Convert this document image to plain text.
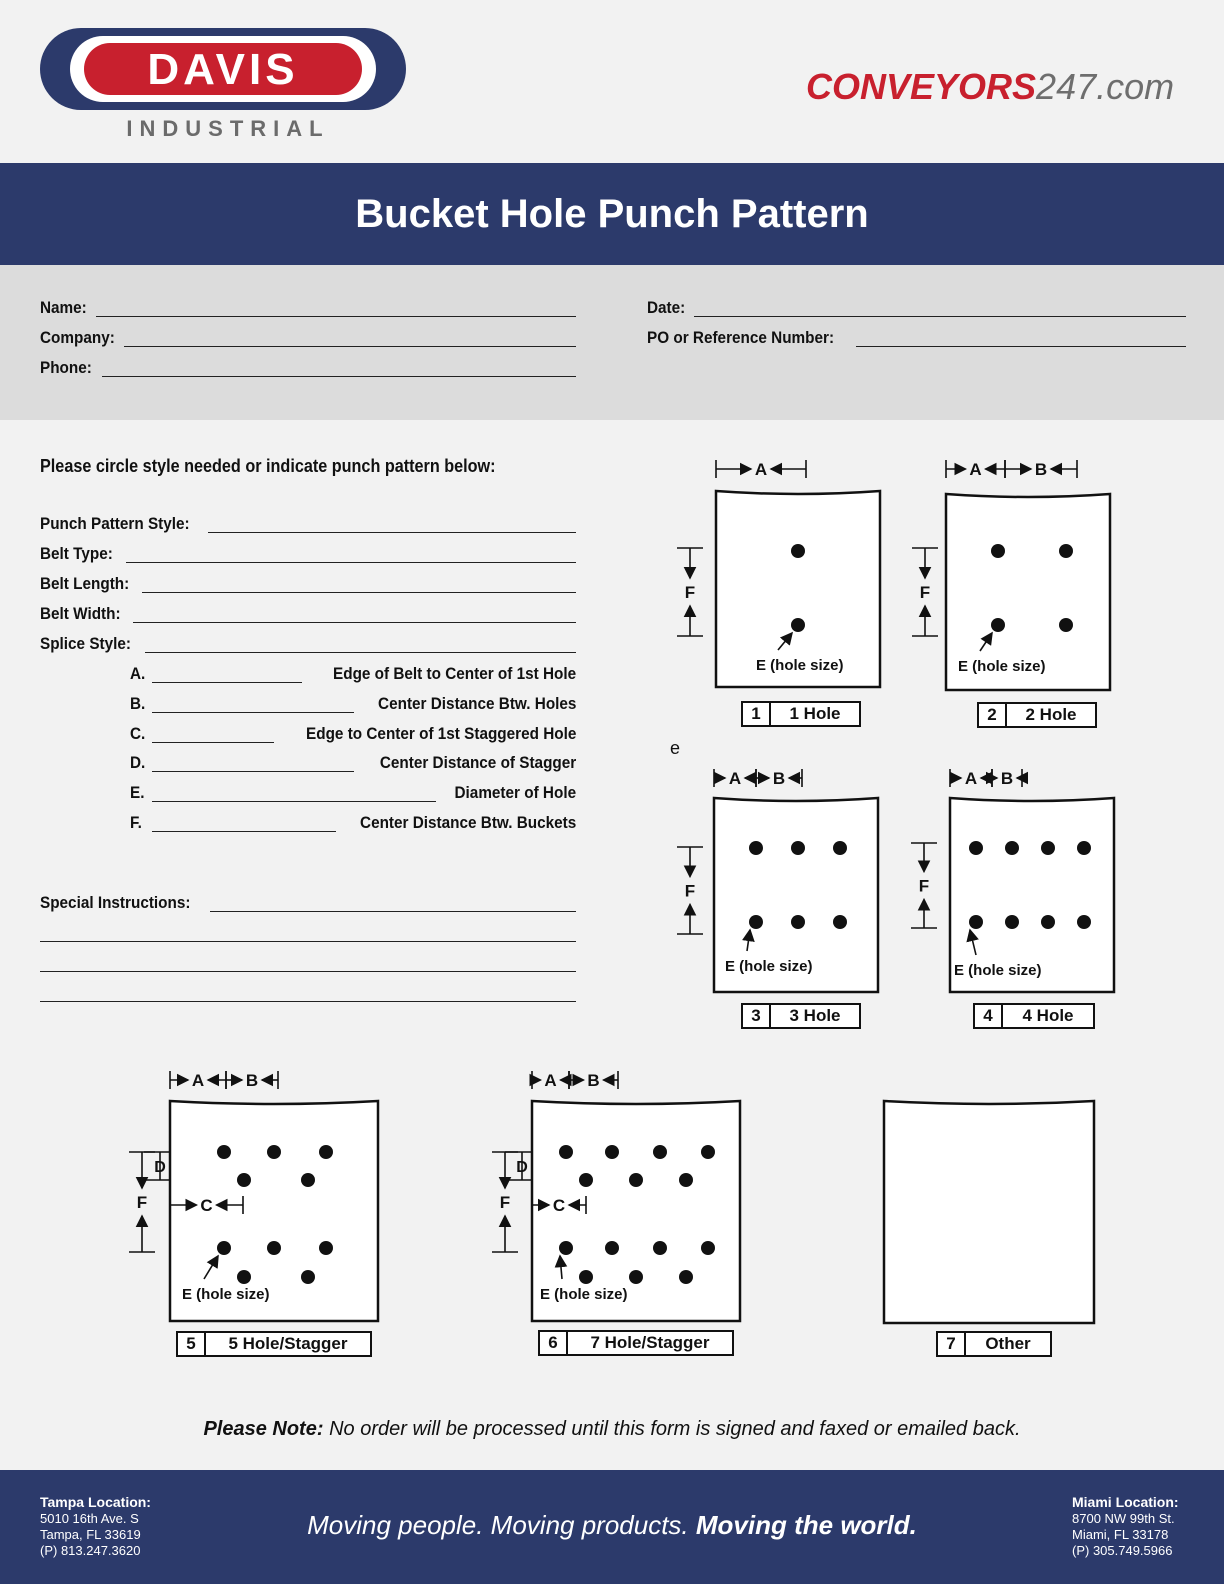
DAVIS
INDUSTRIAL
CONVEYORS247.com
Bucket Hole Punch Pattern
Name:
Company:
Phone:
Date:
PO or Reference Number:
Please circle style needed or indicate punch pattern below:
Punch Pattern Style:
Belt Type:
Belt Length:
Belt Width:
Splice Style:
A.	Edge of Belt to Center of 1st Hole
B.	Center Distance Btw. Holes
C.	Edge to Center of 1st Staggered Hole
D.	Center Distance of Stagger
E.	Diameter of Hole
F.	Center Distance Btw. Buckets
Special Instructions:
e
A
F
E (hole size)
A	B
F
E (hole size)
A B
F
E (hole size)
A B
F
E (hole size)
A B
F
D
C
E (hole size)
A B
F
D
C
E (hole size)
1	1 Hole	2	2 Hole
3	3 Hole	4	4 Hole
5	5 Hole/Stagger	6	7 Hole/Stagger	7	Other
Please Note: No order will be processed until this form is signed and faxed or emailed back.
Tampa Location:
5010 16th Ave. S
Tampa, FL 33619
(P) 813.247.3620
Moving people. Moving products. Moving the world.
Miami Location:
8700 NW 99th St.
Miami, FL 33178
(P) 305.749.5966
